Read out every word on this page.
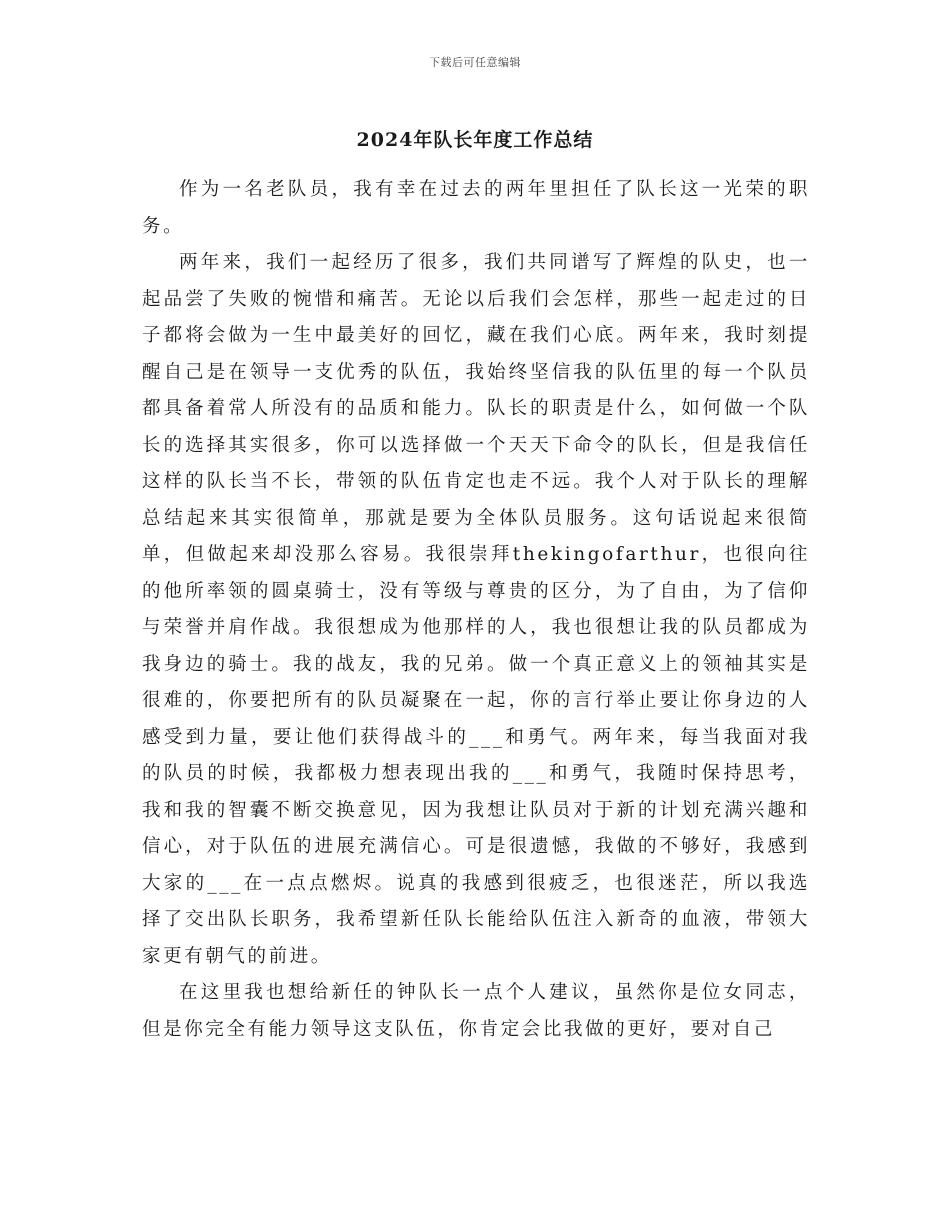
下载后可任意编辑
2024年队长年度工作总结

作为一名老队员，我有幸在过去的两年里担任了队长这一光荣的职务。

两年来，我们一起经历了很多，我们共同谱写了辉煌的队史，也一起品尝了失败的惋惜和痛苦。无论以后我们会怎样，那些一起走过的日子都将会做为一生中最美好的回忆，藏在我们心底。两年来，我时刻提醒自己是在领导一支优秀的队伍，我始终坚信我的队伍里的每一个队员都具备着常人所没有的品质和能力。队长的职责是什么，如何做一个队长的选择其实很多，你可以选择做一个天天下命令的队长，但是我信任这样的队长当不长，带领的队伍肯定也走不远。我个人对于队长的理解总结起来其实很简单，那就是要为全体队员服务。这句话说起来很简单，但做起来却没那么容易。我很崇拜thekingofarthur，也很向往的他所率领的圆桌骑士，没有等级与尊贵的区分，为了自由，为了信仰与荣誉并肩作战。我很想成为他那样的人，我也很想让我的队员都成为我身边的骑士。我的战友，我的兄弟。做一个真正意义上的领袖其实是很难的，你要把所有的队员凝聚在一起，你的言行举止要让你身边的人感受到力量，要让他们获得战斗的___和勇气。两年来，每当我面对我的队员的时候，我都极力想表现出我的___和勇气，我随时保持思考，我和我的智囊不断交换意见，因为我想让队员对于新的计划充满兴趣和信心，对于队伍的进展充满信心。可是很遗憾，我做的不够好，我感到大家的___在一点点燃烬。说真的我感到很疲乏，也很迷茫，所以我选择了交出队长职务，我希望新任队长能给队伍注入新奇的血液，带领大家更有朝气的前进。

在这里我也想给新任的钟队长一点个人建议，虽然你是位女同志，但是你完全有能力领导这支队伍，你肯定会比我做的更好，要对自己
